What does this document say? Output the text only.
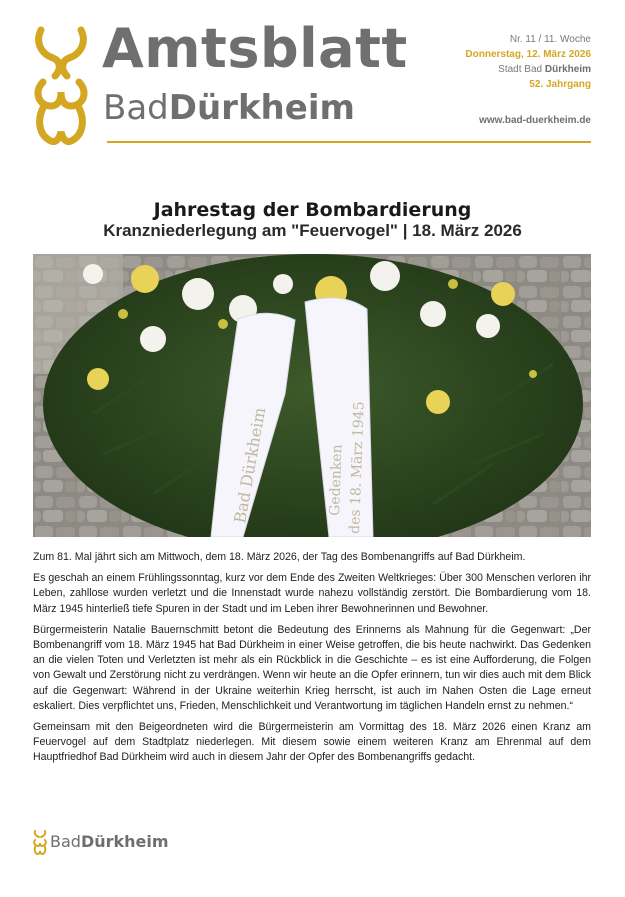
Amtsblatt
BadDürkheim
Nr. 11 / 11. Woche
Donnerstag, 12. März 2026
Stadt Bad Dürkheim
52. Jahrgang
www.bad-duerkheim.de
Jahrestag der Bombardierung
Kranzniederlegung am "Feuervogel" | 18. März 2026
Bad Dürkheim	Gedenken des 18. März 1945

Zum 81. Mal jährt sich am Mittwoch, dem 18. März 2026, der Tag des Bombenangriffs auf Bad Dürkheim.

Es geschah an einem Frühlingssonntag, kurz vor dem Ende des Zweiten Weltkrieges: Über 300 Menschen verloren ihr Leben, zahllose wurden verletzt und die Innenstadt wurde nahezu vollständig zerstört. Die Bombardierung vom 18. März 1945 hinterließ tiefe Spuren in der Stadt und im Leben ihrer Bewohnerinnen und Bewohner.

Bürgermeisterin Natalie Bauernschmitt betont die Bedeutung des Erinnerns als Mahnung für die Gegenwart: „Der Bombenangriff vom 18. März 1945 hat Bad Dürkheim in einer Weise getroffen, die bis heute nachwirkt. Das Gedenken an die vielen Toten und Verletzten ist mehr als ein Rückblick in die Geschichte – es ist eine Aufforderung, die Folgen von Gewalt und Zerstörung nicht zu verdrängen. Wenn wir heute an die Opfer erinnern, tun wir dies auch mit dem Blick auf die Gegenwart: Während in der Ukraine weiterhin Krieg herrscht, ist auch im Nahen Osten die Lage erneut eskaliert. Dies verpflichtet uns, Frieden, Menschlichkeit und Verantwortung im täglichen Handeln ernst zu nehmen.“

Gemeinsam mit den Beigeordneten wird die Bürgermeisterin am Vormittag des 18. März 2026 einen Kranz am Feuervogel auf dem Stadtplatz niederlegen. Mit diesem sowie einem weiteren Kranz am Ehrenmal auf dem Hauptfriedhof Bad Dürkheim wird auch in diesem Jahr der Opfer des Bombenangriffs gedacht.

BadDürkheim
